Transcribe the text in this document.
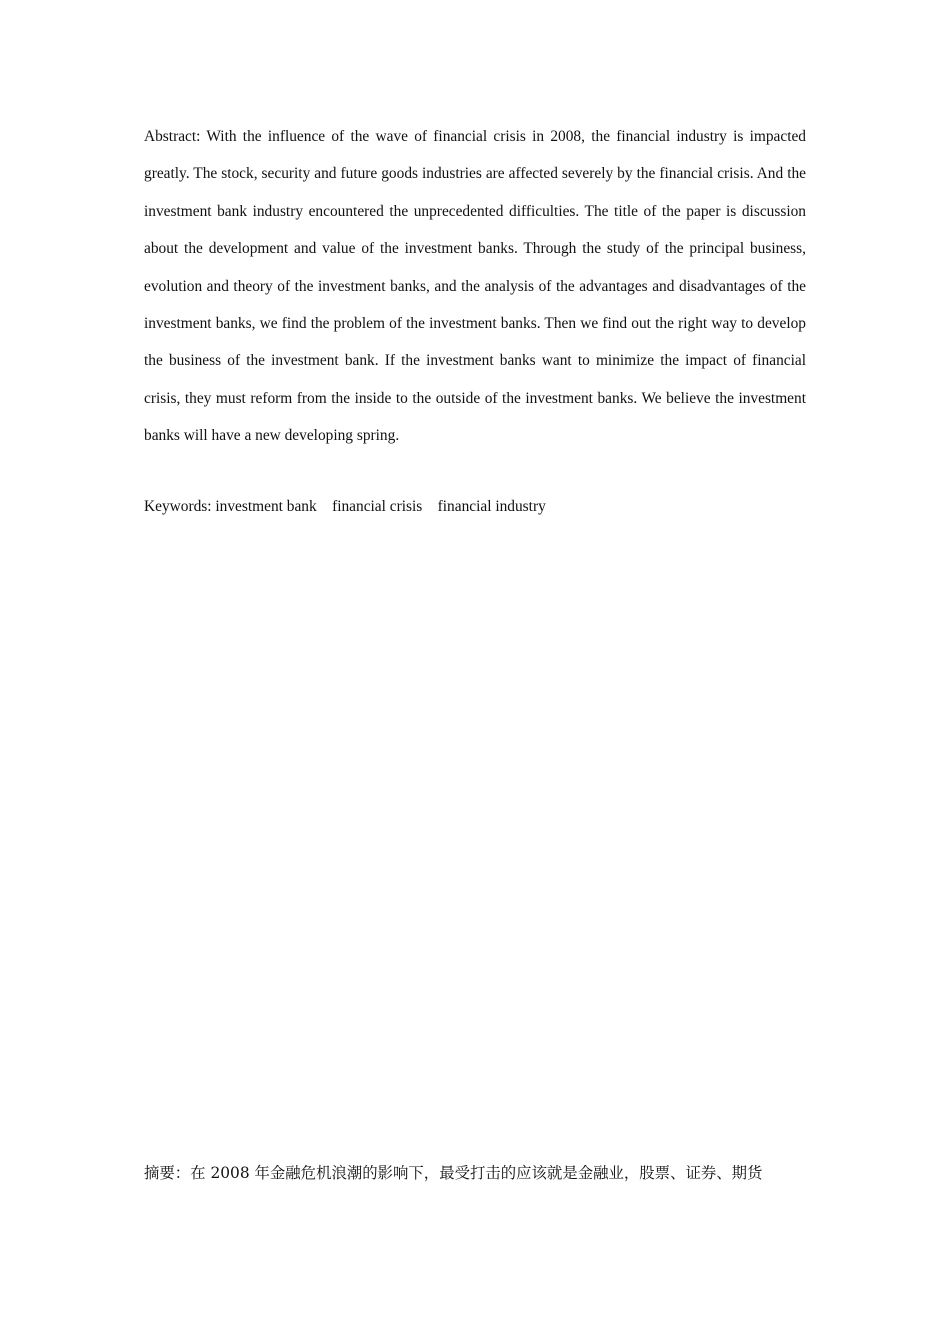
Abstract: With the influence of the wave of financial crisis in 2008, the financial industry is impacted greatly. The stock, security and future goods industries are affected severely by the financial crisis. And the investment bank industry encountered the unprecedented difficulties. The title of the paper is discussion about the development and value of the investment banks. Through the study of the principal business, evolution and theory of the investment banks, and the analysis of the advantages and disadvantages of the investment banks, we find the problem of the investment banks. Then we find out the right way to develop the business of the investment bank. If the investment banks want to minimize the impact of financial crisis, they must reform from the inside to the outside of the investment banks. We believe the investment banks will have a new developing spring.

Keywords: investment bank    financial crisis    financial industry

摘要：在 2008 年金融危机浪潮的影响下，最受打击的应该就是金融业，股票、证券、期货
